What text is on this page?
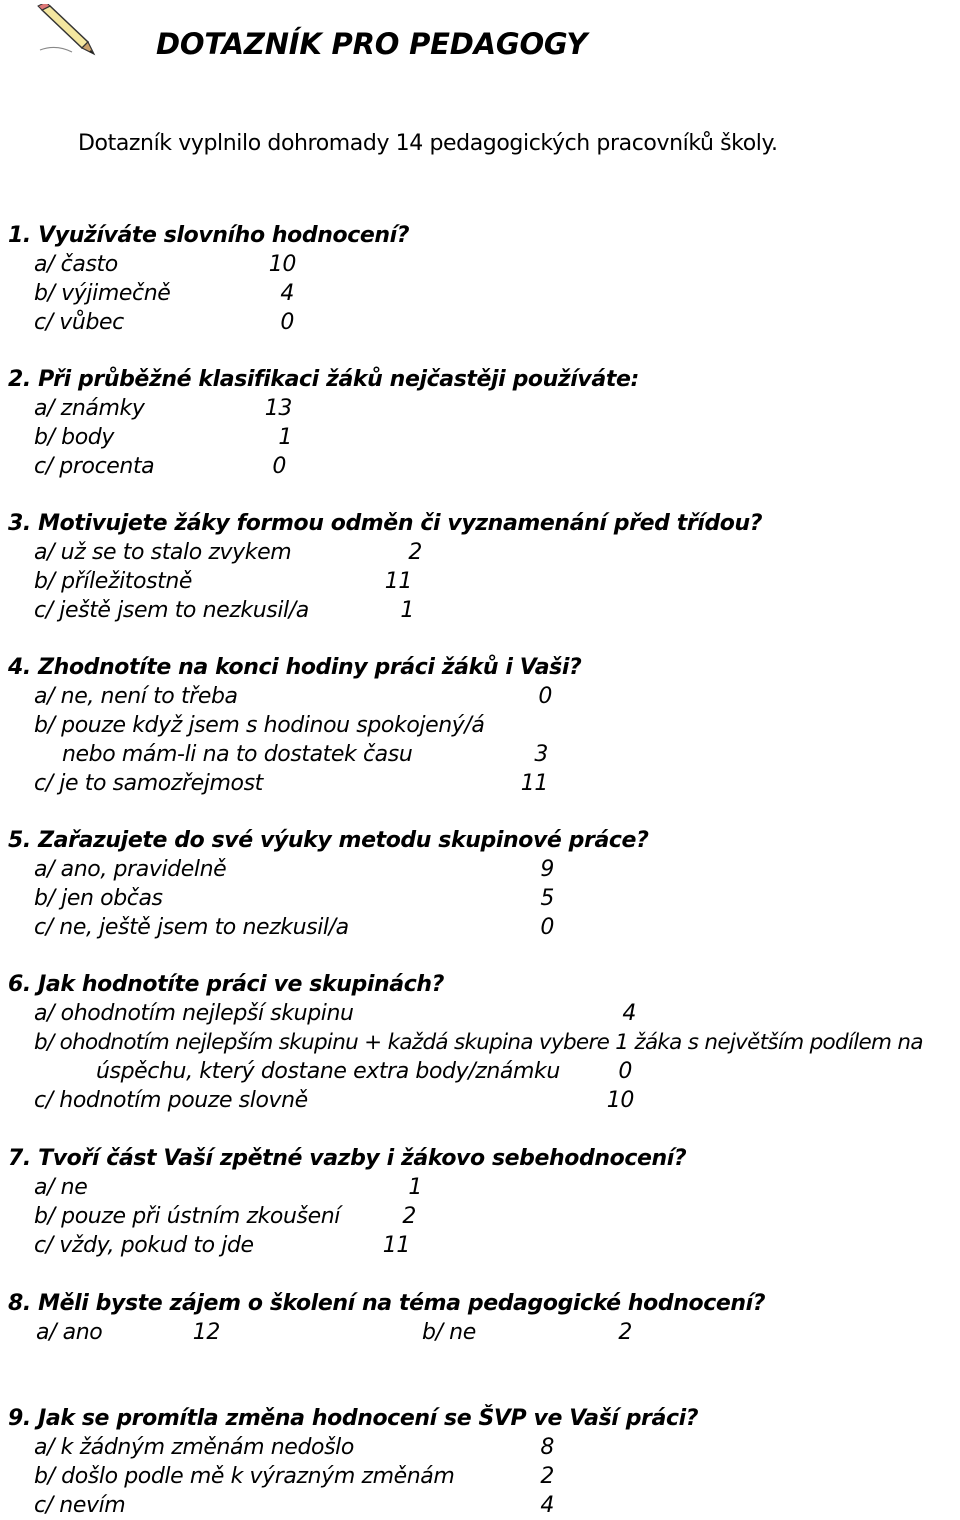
DOTAZNÍK PRO PEDAGOGY
Dotazník vyplnilo dohromady 14 pedagogických pracovníků školy.
1. Využíváte slovního hodnocení?
a/ často	10
b/ výjimečně	4
c/ vůbec	0
2. Při průběžné klasifikaci žáků nejčastěji používáte:
a/ známky	13
b/ body	1
c/ procenta	0
3. Motivujete žáky formou odměn či vyznamenání před třídou?
a/ už se to stalo zvykem	2
b/ příležitostně	11
c/ ještě jsem to nezkusil/a	1
4. Zhodnotíte na konci hodiny práci žáků i Vaši?
a/ ne, není to třeba	0
b/ pouze když jsem s hodinou spokojený/á
nebo mám-li na to dostatek času	3
c/ je to samozřejmost	11
5. Zařazujete do své výuky metodu skupinové práce?
a/ ano, pravidelně	9
b/ jen občas	5
c/ ne, ještě jsem to nezkusil/a	0
6. Jak hodnotíte práci ve skupinách?
a/ ohodnotím nejlepší skupinu	4
b/ ohodnotím nejlepším skupinu + každá skupina vybere 1 žáka s největším podílem na
úspěchu, který dostane extra body/známku	0
c/ hodnotím pouze slovně	10
7. Tvoří část Vaší zpětné vazby i žákovo sebehodnocení?
a/ ne	1
b/ pouze při ústním zkoušení	2
c/ vždy, pokud to jde	11
8. Měli byste zájem o školení na téma pedagogické hodnocení?
a/ ano	12	b/ ne	2
9. Jak se promítla změna hodnocení se ŠVP ve Vaší práci?
a/ k žádným změnám nedošlo	8
b/ došlo podle mě k výrazným změnám	2
c/ nevím	4
